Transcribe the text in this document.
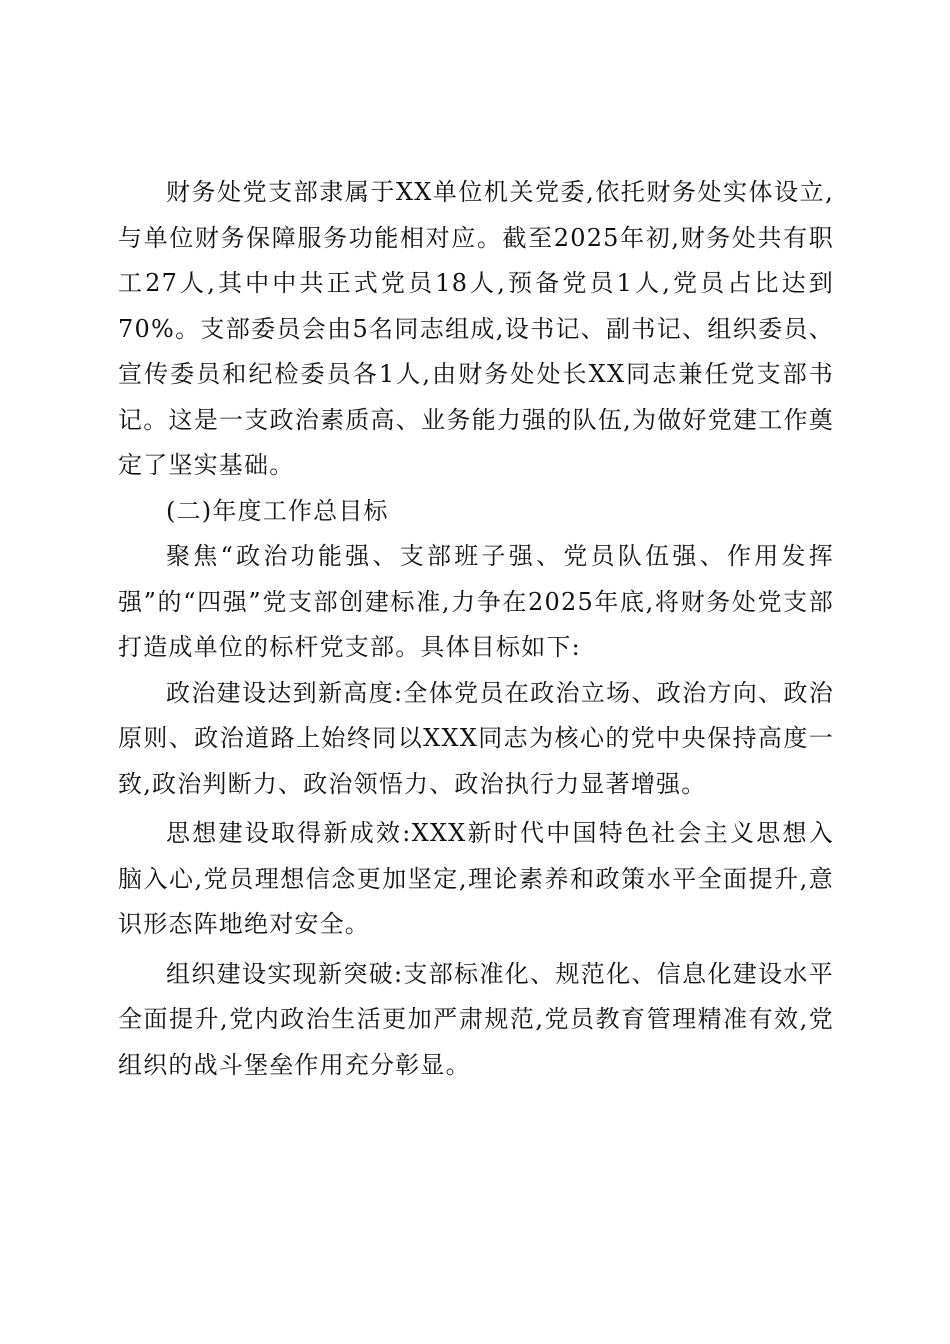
财务处党支部隶属于XX单位机关党委,依托财务处实体设立,与单位财务保障服务功能相对应。截至2025年初,财务处共有职工27人,其中中共正式党员18人,预备党员1人,党员占比达到70%。支部委员会由5名同志组成,设书记、副书记、组织委员、宣传委员和纪检委员各1人,由财务处处长XX同志兼任党支部书记。这是一支政治素质高、业务能力强的队伍,为做好党建工作奠定了坚实基础。

(二)年度工作总目标

聚焦“政治功能强、支部班子强、党员队伍强、作用发挥强”的“四强”党支部创建标准,力争在2025年底,将财务处党支部打造成单位的标杆党支部。具体目标如下:

政治建设达到新高度:全体党员在政治立场、政治方向、政治原则、政治道路上始终同以XXX同志为核心的党中央保持高度一致,政治判断力、政治领悟力、政治执行力显著增强。

思想建设取得新成效:XXX新时代中国特色社会主义思想入脑入心,党员理想信念更加坚定,理论素养和政策水平全面提升,意识形态阵地绝对安全。

组织建设实现新突破:支部标准化、规范化、信息化建设水平全面提升,党内政治生活更加严肃规范,党员教育管理精准有效,党组织的战斗堡垒作用充分彰显。
